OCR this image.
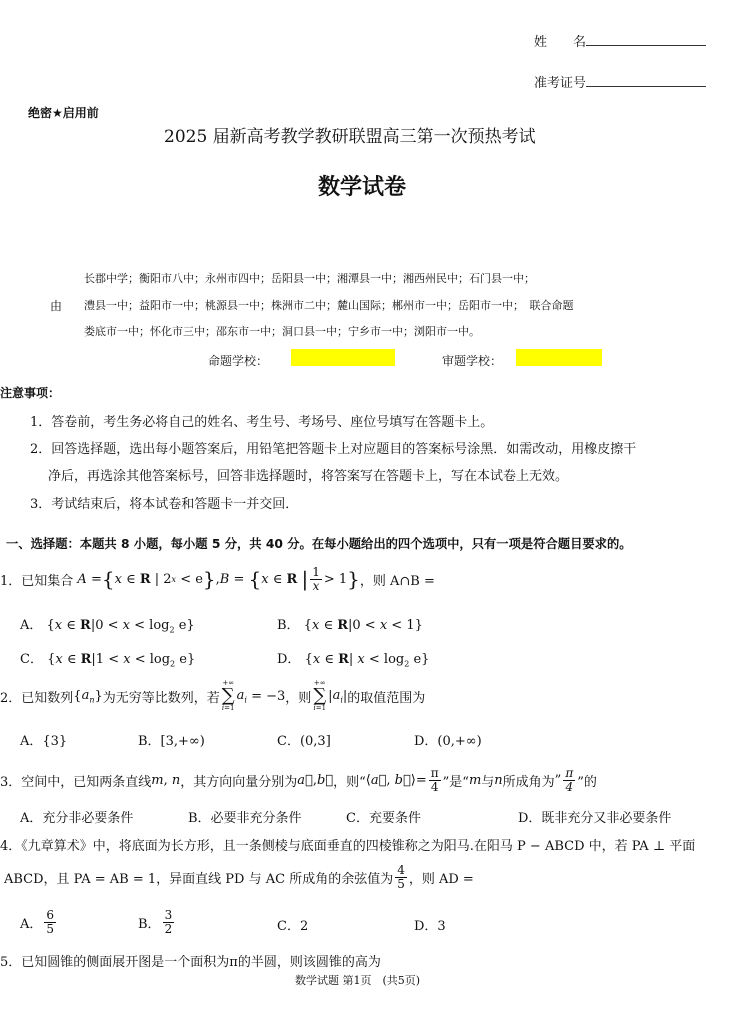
姓　　名
准考证号
绝密★启用前
2025 届新高考教学教研联盟高三第一次预热考试
数学试卷
长郡中学；衡阳市八中；永州市四中；岳阳县一中；湘潭县一中；湘西州民中；石门县一中；
由 澧县一中；益阳市一中；桃源县一中；株洲市二中；麓山国际；郴州市一中；岳阳市一中；　联合命题
娄底市一中；怀化市三中；邵东市一中；洞口县一中；宁乡市一中；浏阳市一中。
命题学校：	审题学校：
注意事项：
1．答卷前，考生务必将自己的姓名、考生号、考场号、座位号填写在答题卡上。
2．回答选择题，选出每小题答案后，用铅笔把答题卡上对应题目的答案标号涂黑．如需改动，用橡皮擦干
净后，再选涂其他答案标号，回答非选择题时，将答案写在答题卡上，写在本试卷上无效。
3．考试结束后，将本试卷和答题卡一并交回．
一、选择题：本题共 8 小题，每小题 5 分，共 40 分。在每小题给出的四个选项中，只有一项是符合题目要求的。
1．已知集合 A = { x ∈ R | 2 x < e } , B = { x ∈ R
| $\frac{1}{x} > 1$ } ，则 A∩B =
A． {x ∈ $R|0 < x < \log_2 e$}	B． {x ∈ R|0 < x < 1}
C． {x ∈ $R|1 < x < \log_2 e$}	D． {x ∈ R| $x < \log_2 e$}
2．已知数列 { $a_n$ } 为无穷等比数列，若
+∞
∑
i=1
$a_i = -3$ ，则
+∞
∑
i=1
| $a_i$ | 的取值范围为
A．{3}	B．[3,+∞)	C．(0,3]	D．(0,+∞)
3．空间中，已知两条直线 m , n ，其方向向量分别为 a⃗ , b⃗ ，则“ ⟨ a⃗ , b⃗ ⟩= $\frac{\pi}{4}$ ”是“ m 与 n 所成角为 ” $\frac{\pi}{4}$ ”的
A．充分非必要条件	B．必要非充分条件	C．充要条件	D．既非充分又非必要条件
4．《九章算术》中，将底面为长方形，且一条侧棱与底面垂直的四棱锥称之为阳马.在阳马 P − ABCD 中，若 PA ⊥ 平面
ABCD，且 PA = AB = 1，异面直线 PD 与 AC 所成角的余弦值为 $\frac{4}{5}$ ，则 AD =
A． $\frac{6}{5}$	B． $\frac{3}{2}$	C．2	D．3
5．已知圆锥的侧面展开图是一个面积为π的半圆，则该圆锥的高为
数学试题 第1页　(共5页)
